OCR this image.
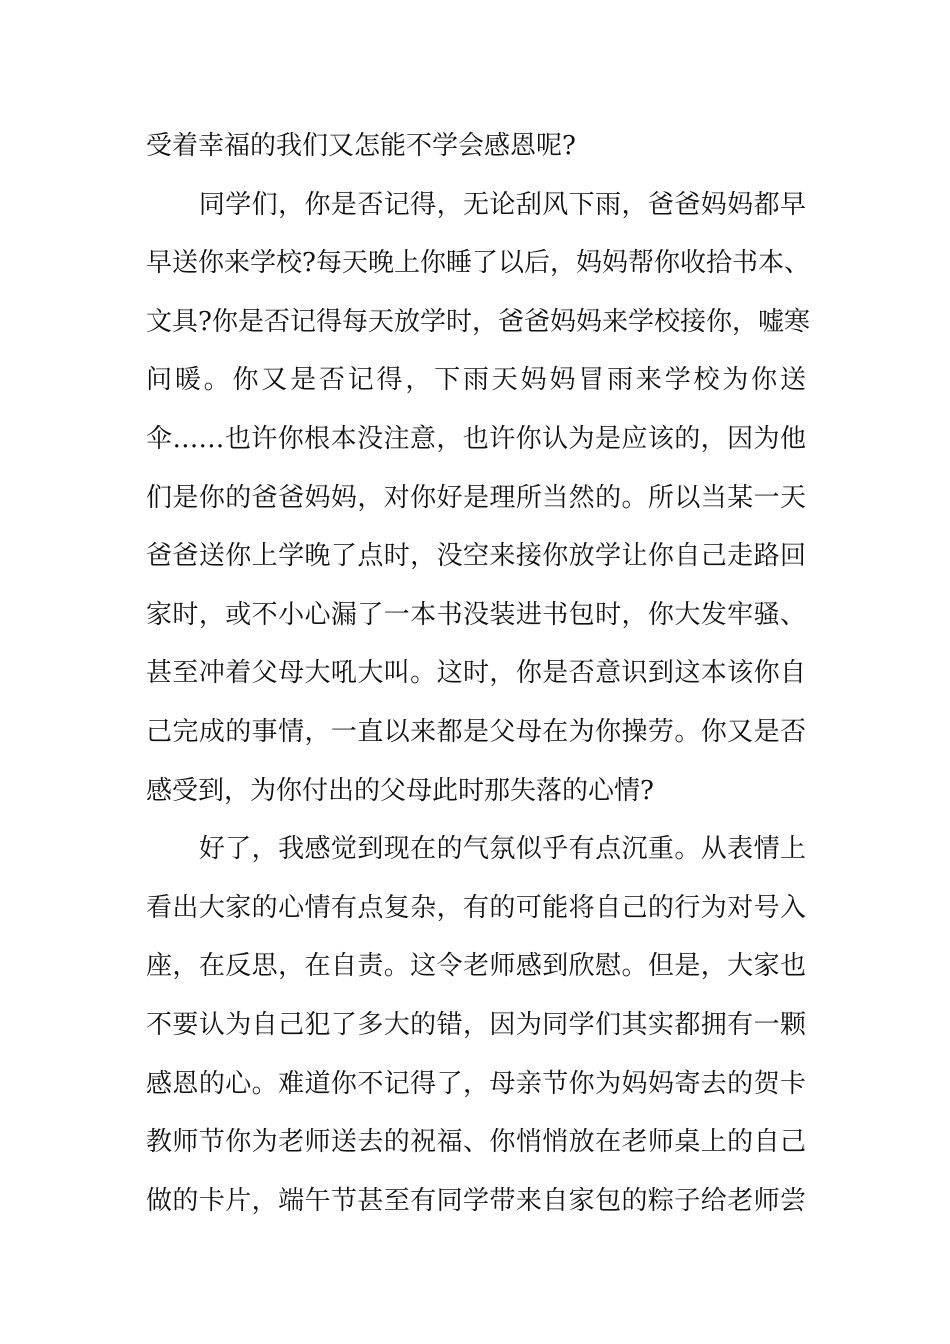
受着幸福的我们又怎能不学会感恩呢?
　　同学们，你是否记得，无论刮风下雨，爸爸妈妈都早
早送你来学校?每天晚上你睡了以后，妈妈帮你收拾书本、
文具?你是否记得每天放学时，爸爸妈妈来学校接你，嘘寒
问暖。你又是否记得，下雨天妈妈冒雨来学校为你送
伞……也许你根本没注意，也许你认为是应该的，因为他
们是你的爸爸妈妈，对你好是理所当然的。所以当某一天
爸爸送你上学晚了点时，没空来接你放学让你自己走路回
家时，或不小心漏了一本书没装进书包时，你大发牢骚、
甚至冲着父母大吼大叫。这时，你是否意识到这本该你自
己完成的事情，一直以来都是父母在为你操劳。你又是否
感受到，为你付出的父母此时那失落的心情?
　　好了，我感觉到现在的气氛似乎有点沉重。从表情上
看出大家的心情有点复杂，有的可能将自己的行为对号入
座，在反思，在自责。这令老师感到欣慰。但是，大家也
不要认为自己犯了多大的错，因为同学们其实都拥有一颗
感恩的心。难道你不记得了，母亲节你为妈妈寄去的贺卡
教师节你为老师送去的祝福、你悄悄放在老师桌上的自己
做的卡片，端午节甚至有同学带来自家包的粽子给老师尝
